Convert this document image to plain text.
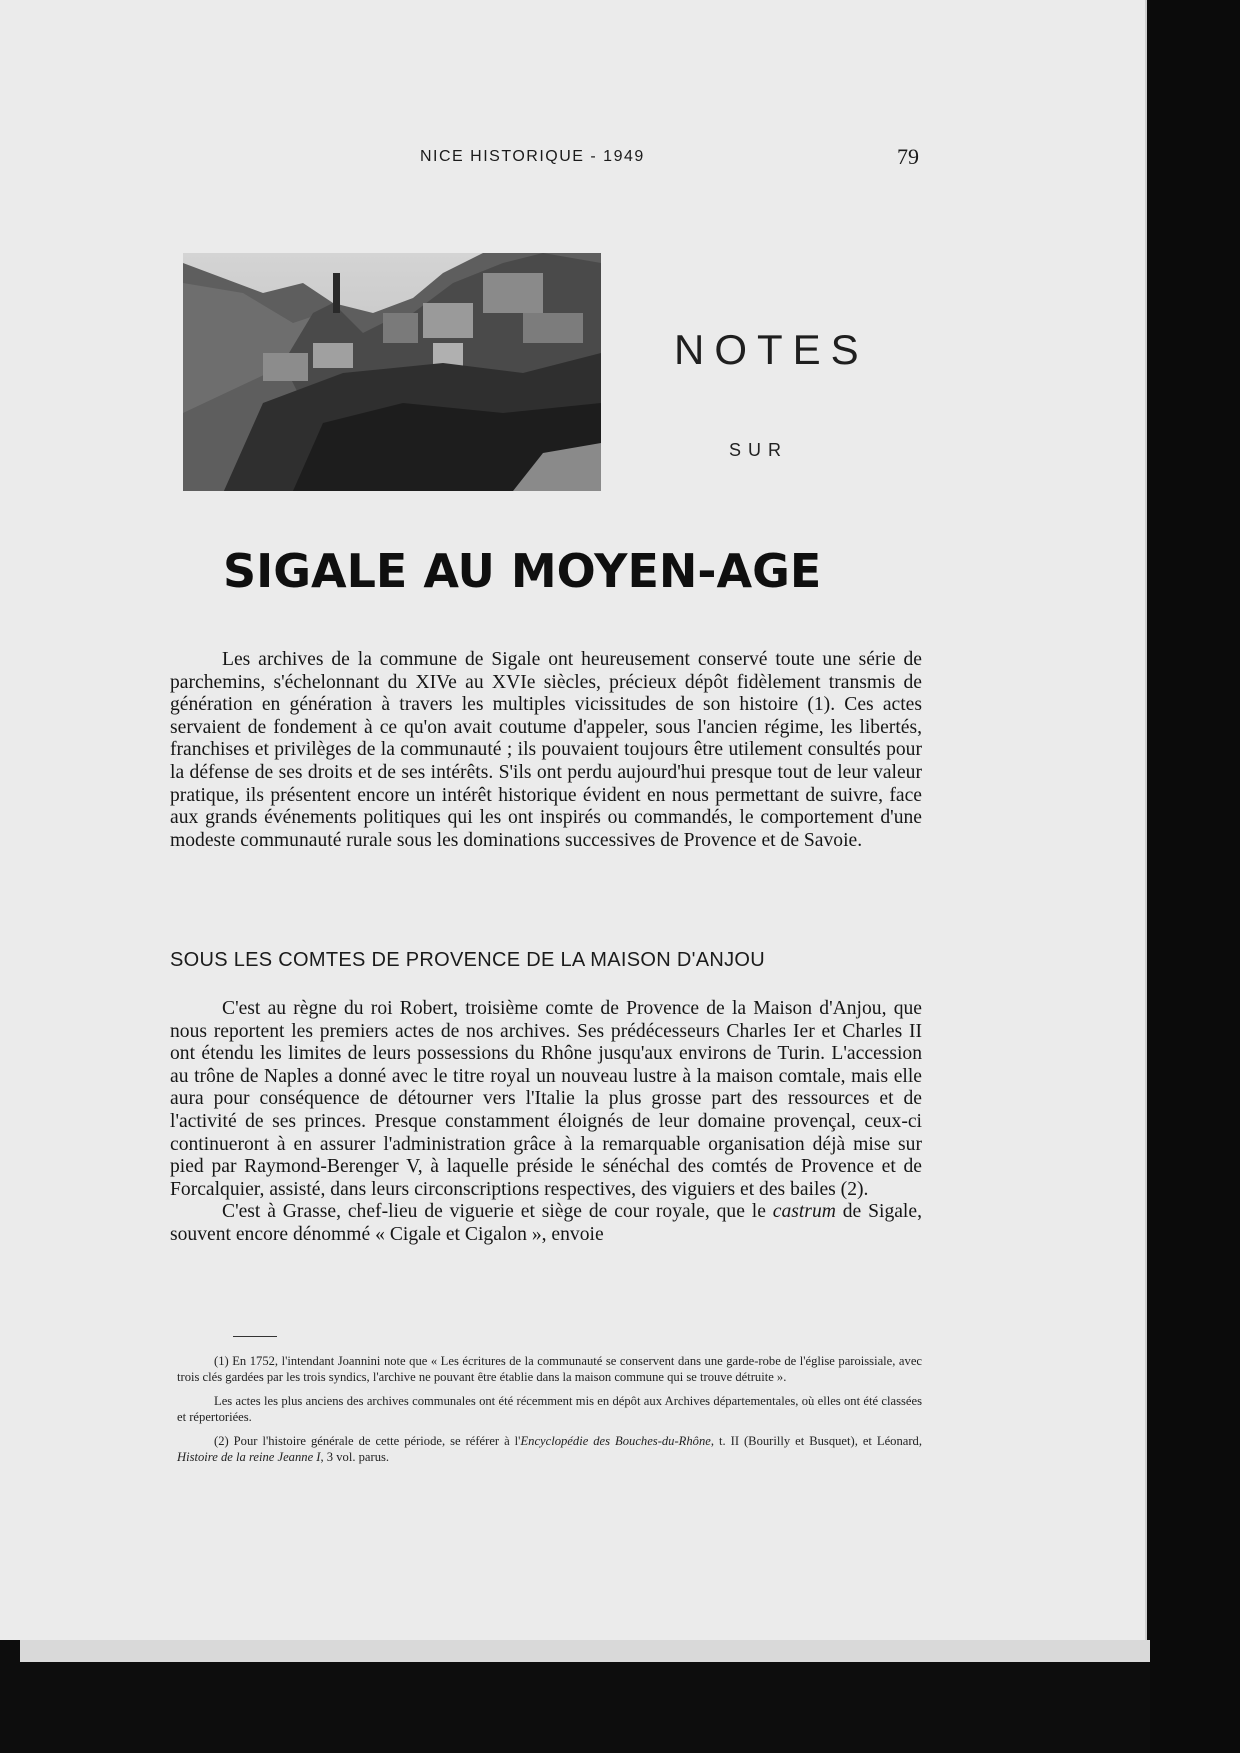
NICE HISTORIQUE - 1949	79
NOTES
SUR
SIGALE AU MOYEN-AGE

Les archives de la commune de Sigale ont heureusement conservé toute une série de parchemins, s'échelonnant du XIVe au XVIe siècles, précieux dépôt fidèlement transmis de génération en génération à travers les multiples vicissitudes de son histoire (1). Ces actes servaient de fondement à ce qu'on avait coutume d'appeler, sous l'ancien régime, les libertés, franchises et privilèges de la communauté ; ils pouvaient toujours être utilement consultés pour la défense de ses droits et de ses intérêts. S'ils ont perdu aujourd'hui presque tout de leur valeur pratique, ils présentent encore un intérêt historique évident en nous permettant de suivre, face aux grands événements politiques qui les ont inspirés ou commandés, le comportement d'une modeste communauté rurale sous les dominations successives de Provence et de Savoie.

SOUS LES COMTES DE PROVENCE DE LA MAISON D'ANJOU

C'est au règne du roi Robert, troisième comte de Provence de la Maison d'Anjou, que nous reportent les premiers actes de nos archives. Ses prédécesseurs Charles Ier et Charles II ont étendu les limites de leurs possessions du Rhône jusqu'aux environs de Turin. L'accession au trône de Naples a donné avec le titre royal un nouveau lustre à la maison comtale, mais elle aura pour conséquence de détourner vers l'Italie la plus grosse part des ressources et de l'activité de ses princes. Presque constamment éloignés de leur domaine provençal, ceux-ci continueront à en assurer l'administration grâce à la remarquable organisation déjà mise sur pied par Raymond-Berenger V, à laquelle préside le sénéchal des comtés de Provence et de Forcalquier, assisté, dans leurs circonscriptions respectives, des viguiers et des bailes (2).

C'est à Grasse, chef-lieu de viguerie et siège de cour royale, que le castrum de Sigale, souvent encore dénommé « Cigale et Cigalon », envoie

(1) En 1752, l'intendant Joannini note que « Les écritures de la communauté se conservent dans une garde-robe de l'église paroissiale, avec trois clés gardées par les trois syndics, l'archive ne pouvant être établie dans la maison commune qui se trouve détruite ».

Les actes les plus anciens des archives communales ont été récemment mis en dépôt aux Archives départementales, où elles ont été classées et répertoriées.

(2) Pour l'histoire générale de cette période, se référer à l'Encyclopédie des Bouches-du-Rhône, t. II (Bourilly et Busquet), et Léonard, Histoire de la reine Jeanne I, 3 vol. parus.
